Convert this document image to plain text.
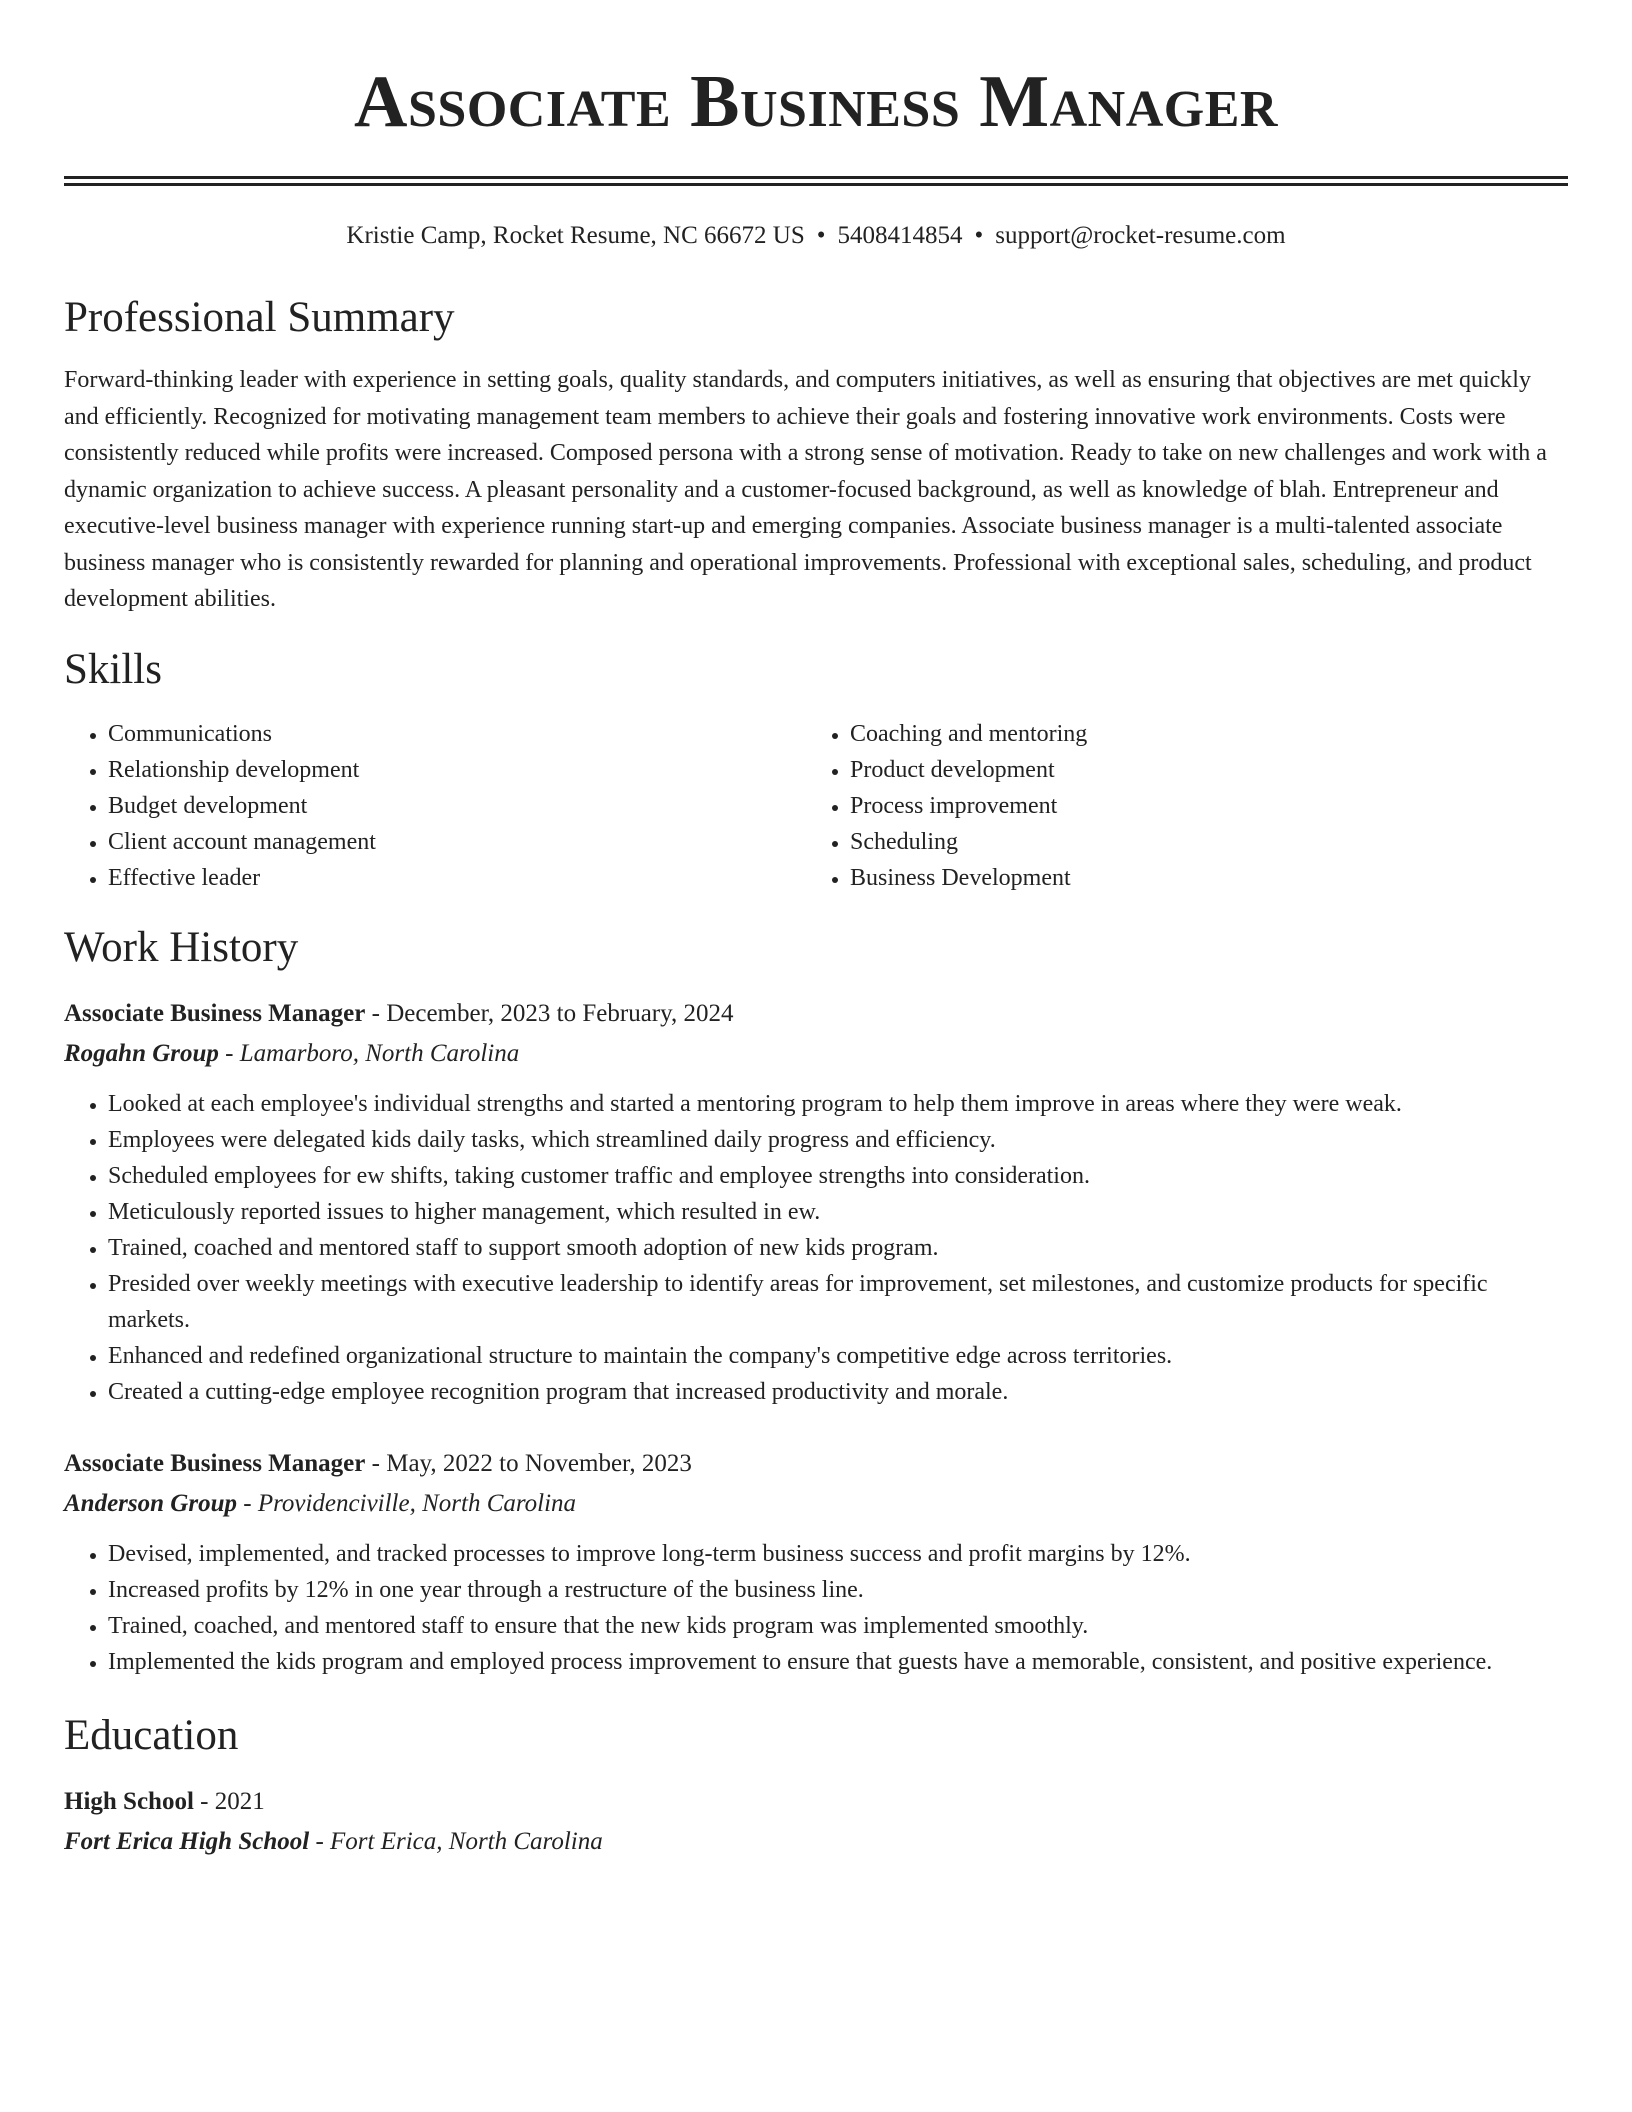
Associate Business Manager
Kristie Camp, Rocket Resume, NC 66672 US • 5408414854 • support@rocket-resume.com
Professional Summary

Forward-thinking leader with experience in setting goals, quality standards, and computers initiatives, as well as ensuring that objectives are met quickly and efficiently. Recognized for motivating management team members to achieve their goals and fostering innovative work environments. Costs were consistently reduced while profits were increased. Composed persona with a strong sense of motivation. Ready to take on new challenges and work with a dynamic organization to achieve success. A pleasant personality and a customer-focused background, as well as knowledge of blah. Entrepreneur and executive-level business manager with experience running start-up and emerging companies. Associate business manager is a multi-talented associate business manager who is consistently rewarded for planning and operational improvements. Professional with exceptional sales, scheduling, and product development abilities.

Skills
• Communications
• Relationship development
• Budget development
• Client account management
• Effective leader
• Coaching and mentoring
• Product development
• Process improvement
• Scheduling
• Business Development
Work History
Associate Business Manager - December, 2023 to February, 2024
Rogahn Group - Lamarboro, North Carolina
• Looked at each employee's individual strengths and started a mentoring program to help them improve in areas where they were weak.
• Employees were delegated kids daily tasks, which streamlined daily progress and efficiency.
• Scheduled employees for ew shifts, taking customer traffic and employee strengths into consideration.
• Meticulously reported issues to higher management, which resulted in ew.
• Trained, coached and mentored staff to support smooth adoption of new kids program.
• Presided over weekly meetings with executive leadership to identify areas for improvement, set milestones, and customize products for specific markets.
• Enhanced and redefined organizational structure to maintain the company's competitive edge across territories.
• Created a cutting-edge employee recognition program that increased productivity and morale.
Associate Business Manager - May, 2022 to November, 2023
Anderson Group - Providenciville, North Carolina
• Devised, implemented, and tracked processes to improve long-term business success and profit margins by 12%.
• Increased profits by 12% in one year through a restructure of the business line.
• Trained, coached, and mentored staff to ensure that the new kids program was implemented smoothly.
• Implemented the kids program and employed process improvement to ensure that guests have a memorable, consistent, and positive experience.
Education
High School - 2021
Fort Erica High School - Fort Erica, North Carolina
